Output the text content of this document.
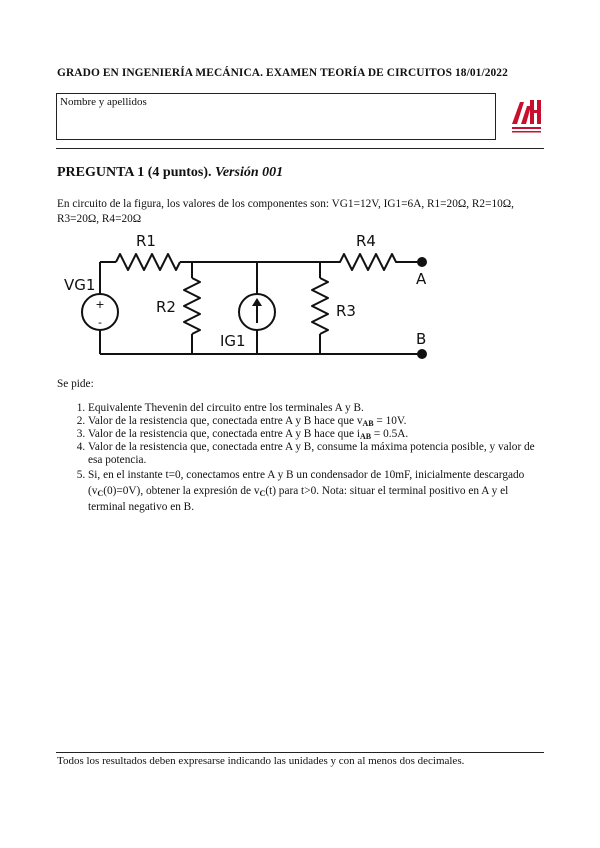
GRADO EN INGENIERÍA MECÁNICA. EXAMEN TEORÍA DE CIRCUITOS 18/01/2022
Nombre y apellidos
PREGUNTA 1 (4 puntos). Versión 001
En circuito de la figura, los valores de los componentes son: VG1=12V, IG1=6A, R1=20Ω, R2=10Ω, R3=20Ω, R4=20Ω
+
-
VG1
R1
R2
IG1
R3
R4
A
B
Se pide:
1. Equivalente Thevenin del circuito entre los terminales A y B.
2. Valor de la resistencia que, conectada entre A y B hace que $v_{AB} = 10V$.
3. Valor de la resistencia que, conectada entre A y B hace que $i_{AB} = 0.5A$.
4. Valor de la resistencia que, conectada entre A y B, consume la máxima potencia posible, y valor de esa potencia.
5. Si, en el instante t=0, conectamos entre A y B un condensador de 10mF, inicialmente descargado $(v_C(0)=0V)$, obtener la expresión de $v_C(t)$ para t>0. Nota: situar el terminal positivo en A y el terminal negativo en B.
Todos los resultados deben expresarse indicando las unidades y con al menos dos decimales.
